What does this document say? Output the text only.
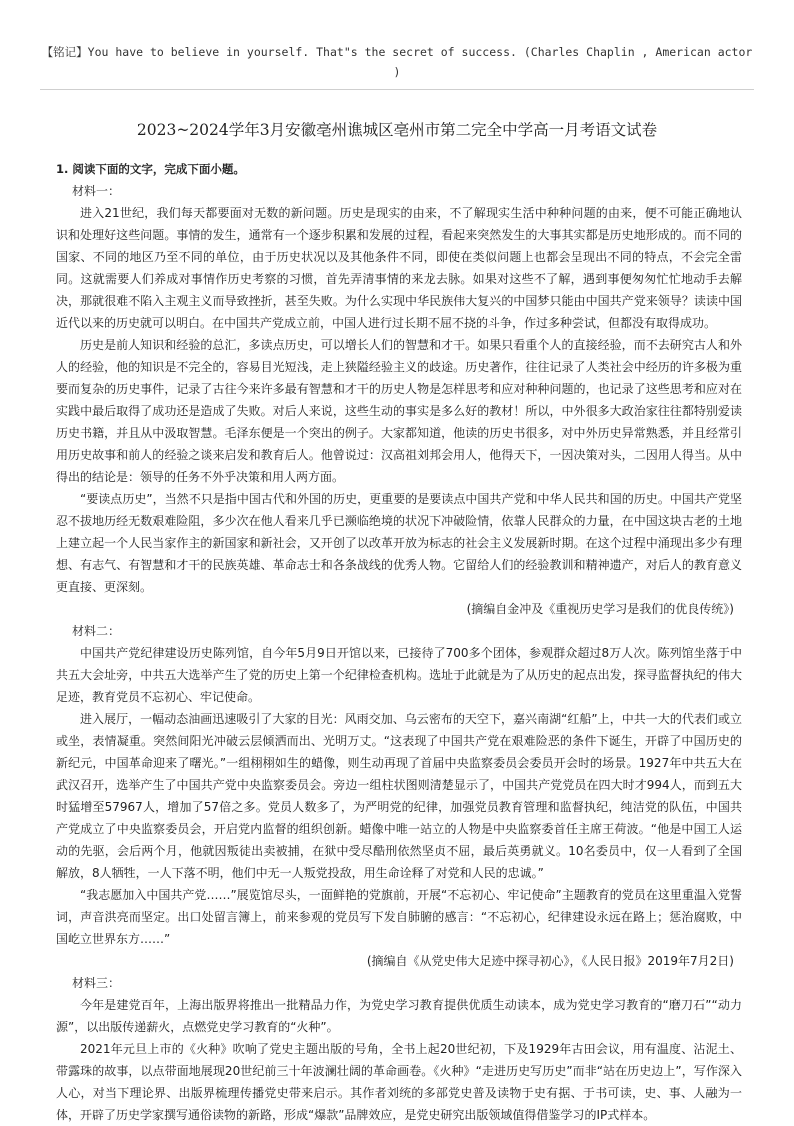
【铭记】You have to believe in yourself. That"s the secret of success. (Charles Chaplin , American actor )
2023~2024学年3月安徽亳州谯城区亳州市第二完全中学高一月考语文试卷

1. 阅读下面的文字，完成下面小题。

材料一：

进入21世纪，我们每天都要面对无数的新问题。历史是现实的由来，不了解现实生活中种种问题的由来，便不可能正确地认识和处理好这些问题。事情的发生，通常有一个逐步积累和发展的过程，看起来突然发生的大事其实都是历史地形成的。而不同的国家、不同的地区乃至不同的单位，由于历史状况以及其他条件不同，即使在类似问题上也都会呈现出不同的特点，不会完全雷同。这就需要人们养成对事情作历史考察的习惯，首先弄清事情的来龙去脉。如果对这些不了解，遇到事便匆匆忙忙地动手去解决，那就很难不陷入主观主义而导致挫折，甚至失败。为什么实现中华民族伟大复兴的中国梦只能由中国共产党来领导？读读中国近代以来的历史就可以明白。在中国共产党成立前，中国人进行过长期不屈不挠的斗争，作过多种尝试，但都没有取得成功。

历史是前人知识和经验的总汇，多读点历史，可以增长人们的智慧和才干。如果只看重个人的直接经验，而不去研究古人和外人的经验，他的知识是不完全的，容易目光短浅，走上狭隘经验主义的歧途。历史著作，往往记录了人类社会中经历的许多极为重要而复杂的历史事件，记录了古往今来许多最有智慧和才干的历史人物是怎样思考和应对种种问题的，也记录了这些思考和应对在实践中最后取得了成功还是造成了失败。对后人来说，这些生动的事实是多么好的教材！所以，中外很多大政治家往往都特别爱读历史书籍，并且从中汲取智慧。毛泽东便是一个突出的例子。大家都知道，他读的历史书很多，对中外历史异常熟悉，并且经常引用历史故事和前人的经验之谈来启发和教育后人。他曾说过：汉高祖刘邦会用人，他得天下，一因决策对头，二因用人得当。从中得出的结论是：领导的任务不外乎决策和用人两方面。

“要读点历史”，当然不只是指中国古代和外国的历史，更重要的是要读点中国共产党和中华人民共和国的历史。中国共产党坚忍不拔地历经无数艰难险阻，多少次在他人看来几乎已濒临绝境的状况下冲破险情，依靠人民群众的力量，在中国这块古老的土地上建立起一个人民当家作主的新国家和新社会，又开创了以改革开放为标志的社会主义发展新时期。在这个过程中涌现出多少有理想、有志气、有智慧和才干的民族英雄、革命志士和各条战线的优秀人物。它留给人们的经验教训和精神遗产，对后人的教育意义更直接、更深刻。

(摘编自金冲及《重视历史学习是我们的优良传统》)

材料二：

中国共产党纪律建设历史陈列馆，自今年5月9日开馆以来，已接待了700多个团体，参观群众超过8万人次。陈列馆坐落于中共五大会址旁，中共五大选举产生了党的历史上第一个纪律检查机构。选址于此就是为了从历史的起点出发，探寻监督执纪的伟大足迹，教育党员不忘初心、牢记使命。

进入展厅，一幅动态油画迅速吸引了大家的目光：风雨交加、乌云密布的天空下，嘉兴南湖“红船”上，中共一大的代表们或立或坐，表情凝重。突然间阳光冲破云层倾洒而出、光明万丈。“这表现了中国共产党在艰难险恶的条件下诞生，开辟了中国历史的新纪元，中国革命迎来了曙光。”一组栩栩如生的蜡像，则生动再现了首届中央监察委员会委员开会时的场景。1927年中共五大在武汉召开，选举产生了中国共产党中央监察委员会。旁边一组柱状图则清楚显示了，中国共产党党员在四大时才994人，而到五大时猛增至57967人，增加了57倍之多。党员人数多了，为严明党的纪律，加强党员教育管理和监督执纪，纯洁党的队伍，中国共产党成立了中央监察委员会，开启党内监督的组织创新。蜡像中唯一站立的人物是中央监察委首任主席王荷波。“他是中国工人运动的先驱，会后两个月，他就因叛徒出卖被捕，在狱中受尽酷刑依然坚贞不屈，最后英勇就义。10名委员中，仅一人看到了全国解放，8人牺牲，一人下落不明，他们中无一人叛党投敌，用生命诠释了对党和人民的忠诚。”

“我志愿加入中国共产党……”展览馆尽头，一面鲜艳的党旗前，开展“不忘初心、牢记使命”主题教育的党员在这里重温入党誓词，声音洪亮而坚定。出口处留言簿上，前来参观的党员写下发自肺腑的感言：“不忘初心，纪律建设永远在路上；惩治腐败，中国屹立世界东方……”

(摘编自《从党史伟大足迹中探寻初心》，《人民日报》2019年7月2日)

材料三：

今年是建党百年，上海出版界将推出一批精品力作，为党史学习教育提供优质生动读本，成为党史学习教育的“磨刀石”“动力源”，以出版传递薪火，点燃党史学习教育的“火种”。

2021年元旦上市的《火种》吹响了党史主题出版的号角，全书上起20世纪初，下及1929年古田会议，用有温度、沾泥土、带露珠的故事，以点带面地展现20世纪前三十年波澜壮阔的革命画卷。《火种》“走进历史写历史”而非“站在历史边上”，写作深入人心，对当下理论界、出版界梳理传播党史带来启示。其作者刘统的多部党史普及读物于史有据、于书可读，史、事、人融为一体，开辟了历史学家撰写通俗读物的新路，形成“爆款”品牌效应，是党史研究出版领域值得借鉴学习的IP式样本。
